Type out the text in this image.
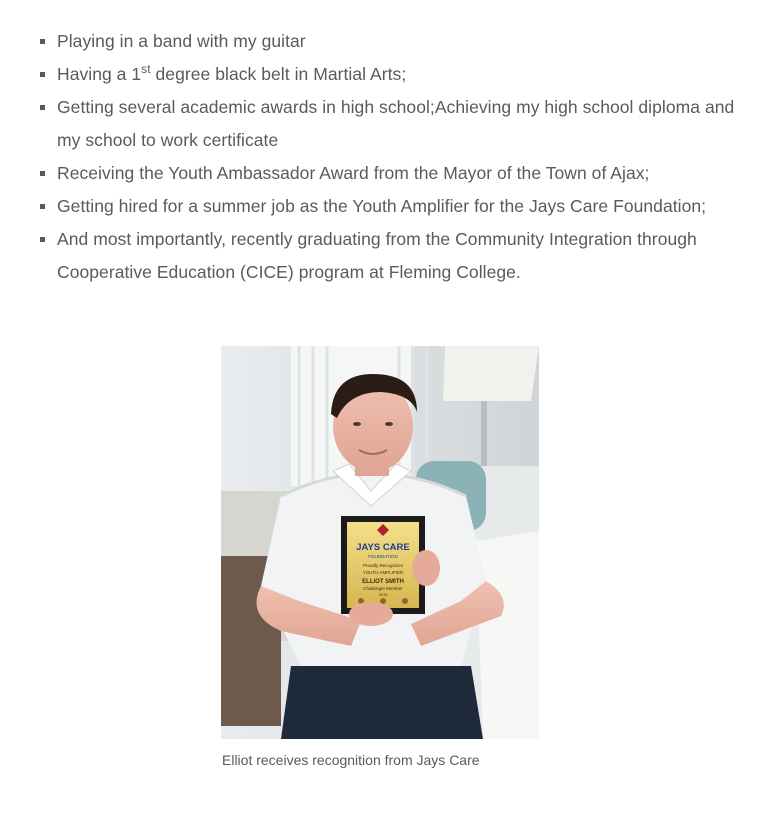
Playing in a band with my guitar
Having a 1st degree black belt in Martial Arts;
Getting several academic awards in high school;Achieving my high school diploma and my school to work certificate
Receiving the Youth Ambassador Award from the Mayor of the Town of Ajax;
Getting hired for a summer job as the Youth Amplifier for the Jays Care Foundation;
And most importantly, recently graduating from the Community Integration through Cooperative Education (CICE) program at Fleming College.
JAYS CARE
FOUNDATION
Proudly Recognizes
YOUTH AMPLIFIER
ELLIOT SMITH
Challenger Member
2019
Elliot receives recognition from Jays Care
